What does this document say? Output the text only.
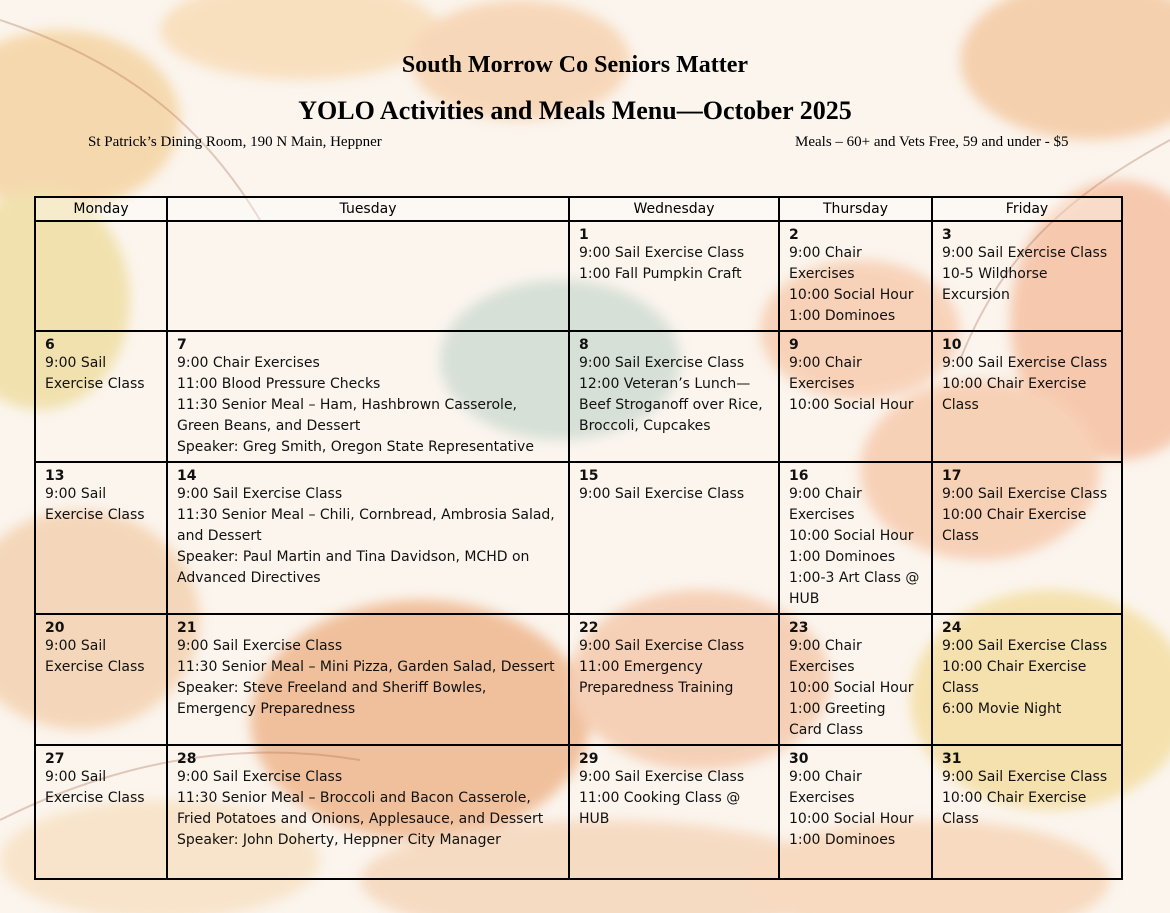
South Morrow Co Seniors Matter
YOLO Activities and Meals Menu—October 2025
St Patrick’s Dining Room, 190 N Main, Heppner	Meals – 60+ and Vets Free, 59 and under - $5
Monday	Tuesday	Wednesday	Thursday	Friday

		1
9:00 Sail Exercise Class
1:00 Fall Pumpkin Craft	2
9:00 Chair Exercises
10:00 Social Hour
1:00 Dominoes	3
9:00 Sail Exercise Class
10-5 Wildhorse Excursion

6
9:00 Sail Exercise Class	7
9:00 Chair Exercises
11:00 Blood Pressure Checks
11:30 Senior Meal – Ham, Hashbrown Casserole, Green Beans, and Dessert
Speaker: Greg Smith, Oregon State Representative	8
9:00 Sail Exercise Class
12:00 Veteran’s Lunch—Beef Stroganoff over Rice, Broccoli, Cupcakes	9
9:00 Chair Exercises
10:00 Social Hour	10
9:00 Sail Exercise Class
10:00 Chair Exercise Class

13
9:00 Sail Exercise Class	14
9:00 Sail Exercise Class
11:30 Senior Meal – Chili, Cornbread, Ambrosia Salad, and Dessert
Speaker: Paul Martin and Tina Davidson, MCHD on Advanced Directives	15
9:00 Sail Exercise Class	16
9:00 Chair Exercises
10:00 Social Hour
1:00 Dominoes
1:00-3 Art Class @ HUB	17
9:00 Sail Exercise Class
10:00 Chair Exercise Class

20
9:00 Sail Exercise Class	21
9:00 Sail Exercise Class
11:30 Senior Meal – Mini Pizza, Garden Salad, Dessert
Speaker: Steve Freeland and Sheriff Bowles, Emergency Preparedness	22
9:00 Sail Exercise Class
11:00 Emergency Preparedness Training	23
9:00 Chair Exercises
10:00 Social Hour
1:00 Greeting Card Class	24
9:00 Sail Exercise Class
10:00 Chair Exercise Class
6:00 Movie Night

27
9:00 Sail Exercise Class	28
9:00 Sail Exercise Class
11:30 Senior Meal – Broccoli and Bacon Casserole, Fried Potatoes and Onions, Applesauce, and Dessert
Speaker: John Doherty, Heppner City Manager	29
9:00 Sail Exercise Class
11:00 Cooking Class @ HUB	30
9:00 Chair Exercises
10:00 Social Hour
1:00 Dominoes	31
9:00 Sail Exercise Class
10:00 Chair Exercise Class
